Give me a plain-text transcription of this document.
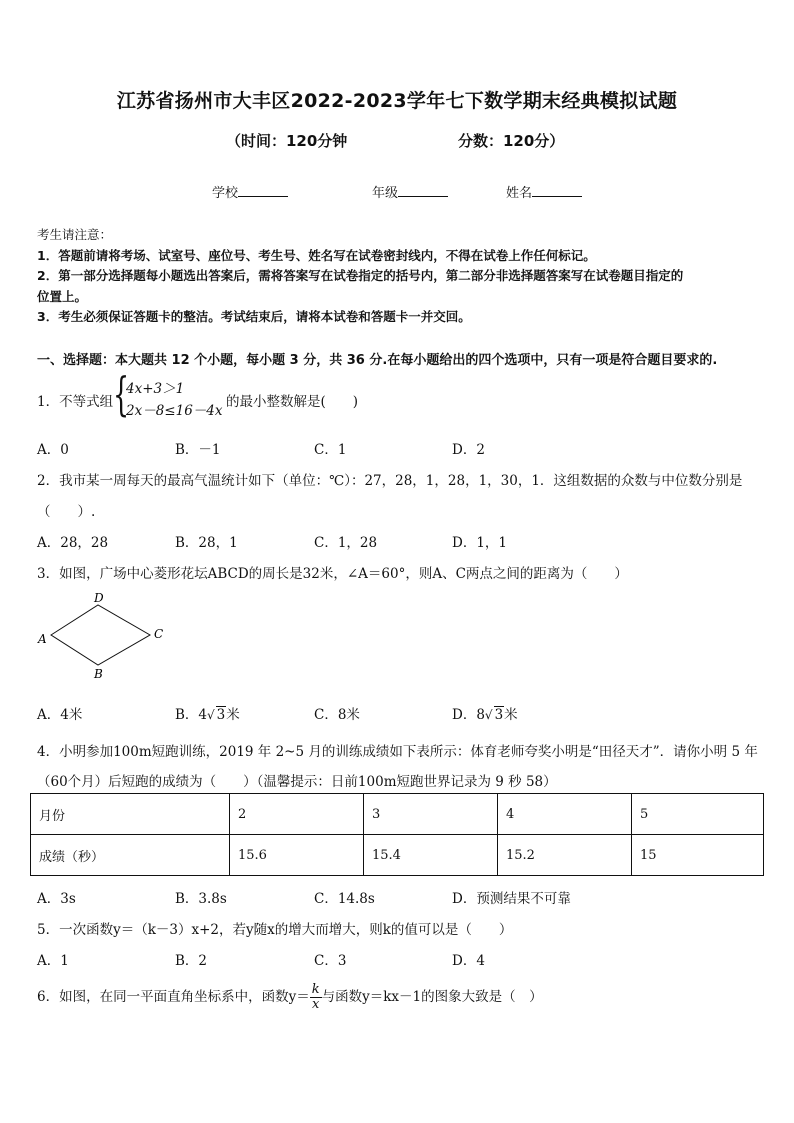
江苏省扬州市大丰区2022-2023学年七下数学期末经典模拟试题
（时间：120分钟	分数：120分）
学校	年级	姓名
考生请注意：
1．答题前请将考场、试室号、座位号、考生号、姓名写在试卷密封线内，不得在试卷上作任何标记。
2．第一部分选择题每小题选出答案后，需将答案写在试卷指定的括号内，第二部分非选择题答案写在试卷题目指定的
位置上。
3．考生必须保证答题卡的整洁。考试结束后，请将本试卷和答题卡一并交回。
一、选择题：本大题共 12 个小题，每小题 3 分，共 36 分.在每小题给出的四个选项中，只有一项是符合题目要求的.
1．不等式组 {
4x+3＞1
2x－8≤16－4x
的最小整数解是(　　)
A．0	B．－1	C．1	D．2
2．我市某一周每天的最高气温统计如下（单位：℃）：27，28，1，28，1，30，1．这组数据的众数与中位数分别是
（　　）.
A．28，28	B．28，1	C．1，28	D．1，1
3．如图，广场中心菱形花坛ABCD的周长是32米，∠A＝60°，则A、C两点之间的距离为（　　）
A
D
C
B
A．4米	B．4√ 3米	C．8米	D．8√ 3米
4．小明参加100m短跑训练，2019 年 2~5 月的训练成绩如下表所示：体育老师夸奖小明是“田径天才”．请你小明 5 年
（60个月）后短跑的成绩为（　　）（温馨提示：日前100m短跑世界记录为 9 秒 58）
月份	2	3	4	5
成绩（秒）	15.6	15.4	15.2	15
A．3s	B．3.8s	C．14.8s	D．预测结果不可靠
5．一次函数y＝（k－3）x+2，若y随x的增大而增大，则k的值可以是（　　）
A．1	B．2	C．3	D．4
6．如图，在同一平面直角坐标系中，函数$y= \frac{k}{x}$ 与函数y＝kx－1的图象大致是（　）
